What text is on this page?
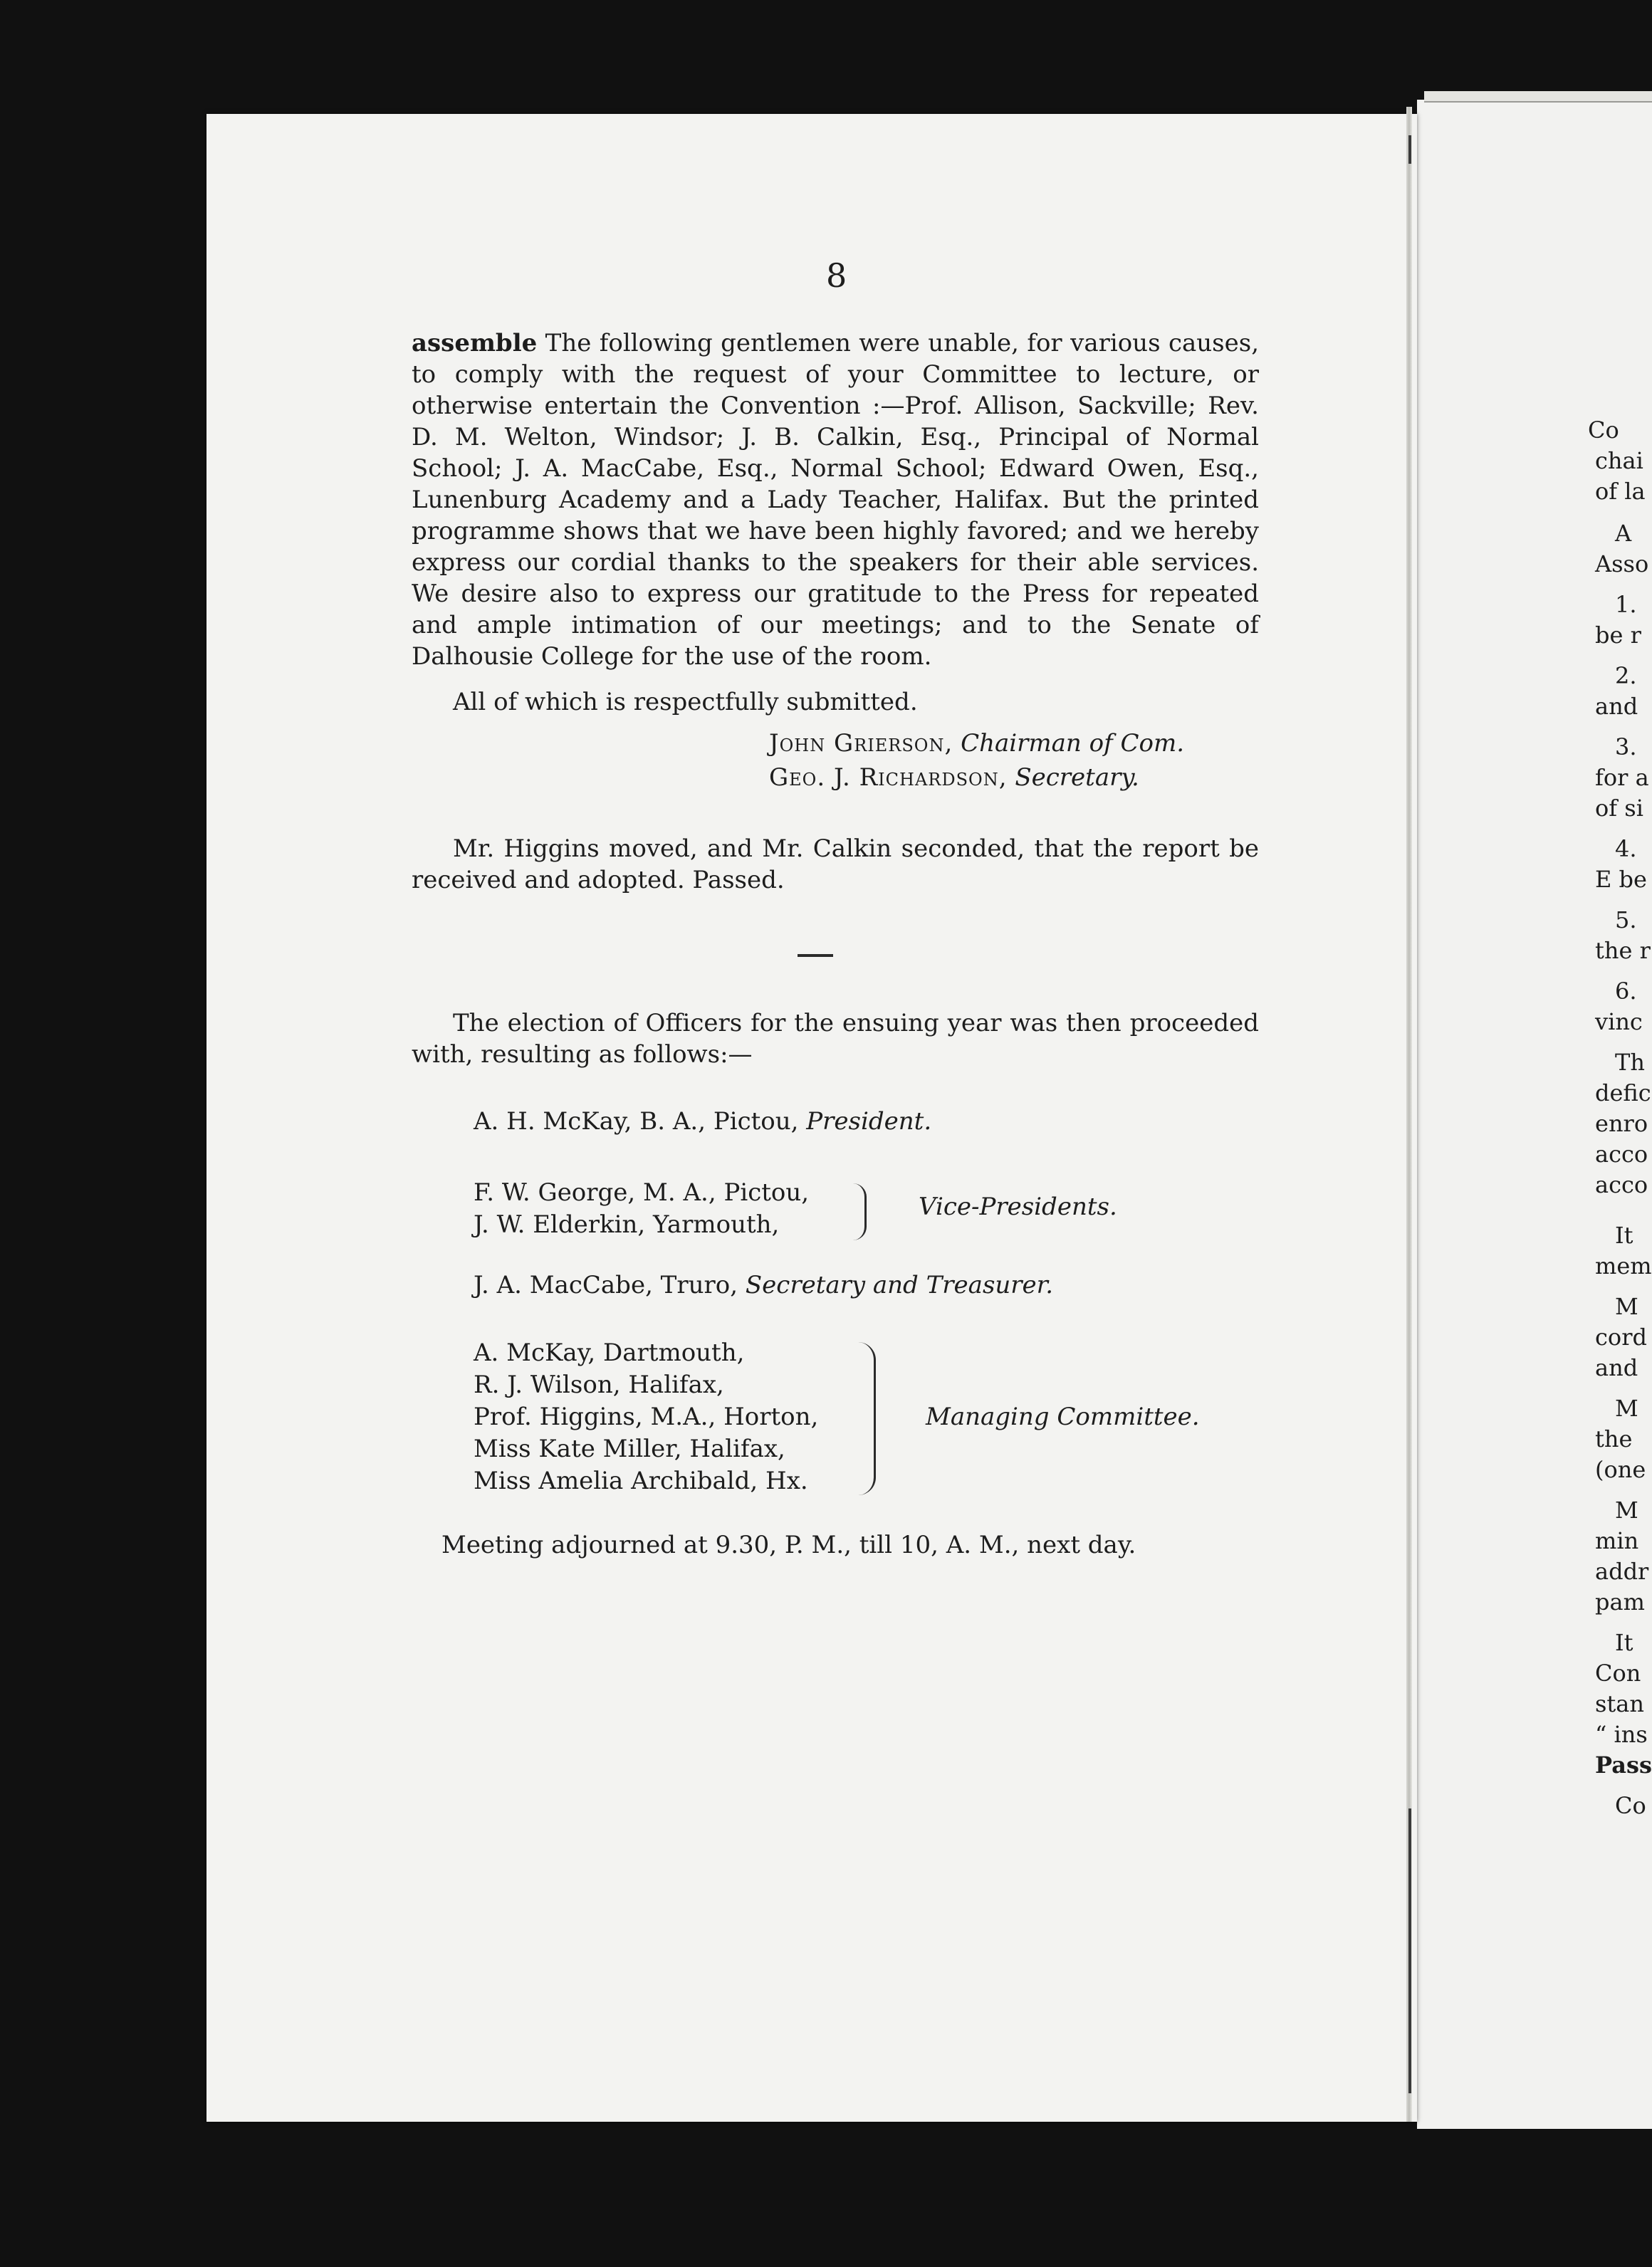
8

assemble The following gentlemen were unable, for various causes, to comply with the request of your Committee to lecture, or otherwise entertain the Convention :—Prof. Allison, Sackville; Rev. D. M. Welton, Windsor; J. B. Calkin, Esq., Principal of Normal School; J. A. MacCabe, Esq., Normal School; Edward Owen, Esq., Lunenburg Academy and a Lady Teacher, Halifax. But the printed programme shows that we have been highly favored; and we hereby express our cordial thanks to the speakers for their able services. We desire also to express our gratitude to the Press for repeated and ample intimation of our meetings; and to the Senate of Dalhousie College for the use of the room.

All of which is respectfully submitted.

John Grierson, Chairman of Com.
Geo. J. Richardson, Secretary.
Mr. Higgins moved, and Mr. Calkin seconded, that the report be received and adopted. Passed.
The election of Officers for the ensuing year was then proceeded with, resulting as follows:—
A. H. McKay, B. A., Pictou, President.
F. W. George, M. A., Pictou,
J. W. Elderkin, Yarmouth,
Vice-Presidents.
J. A. MacCabe, Truro, Secretary and Treasurer.
A. McKay, Dartmouth,
R. J. Wilson, Halifax,
Prof. Higgins, M.A., Horton,
Miss Kate Miller, Halifax,
Miss Amelia Archibald, Hx.
Managing Committee.
Meeting adjourned at 9.30, P. M., till 10, A. M., next day.
Co
chai
of la
A
Asso
1.
be r
2.
and
3.
for a
of si
4.
E be
5.
the r
6.
vinc
Th
defic
enro
acco
acco
It
mem
M
cord
and
M
the
(one
M
min
addr
pam
It
Con
stan
“ ins
Pass
Co
